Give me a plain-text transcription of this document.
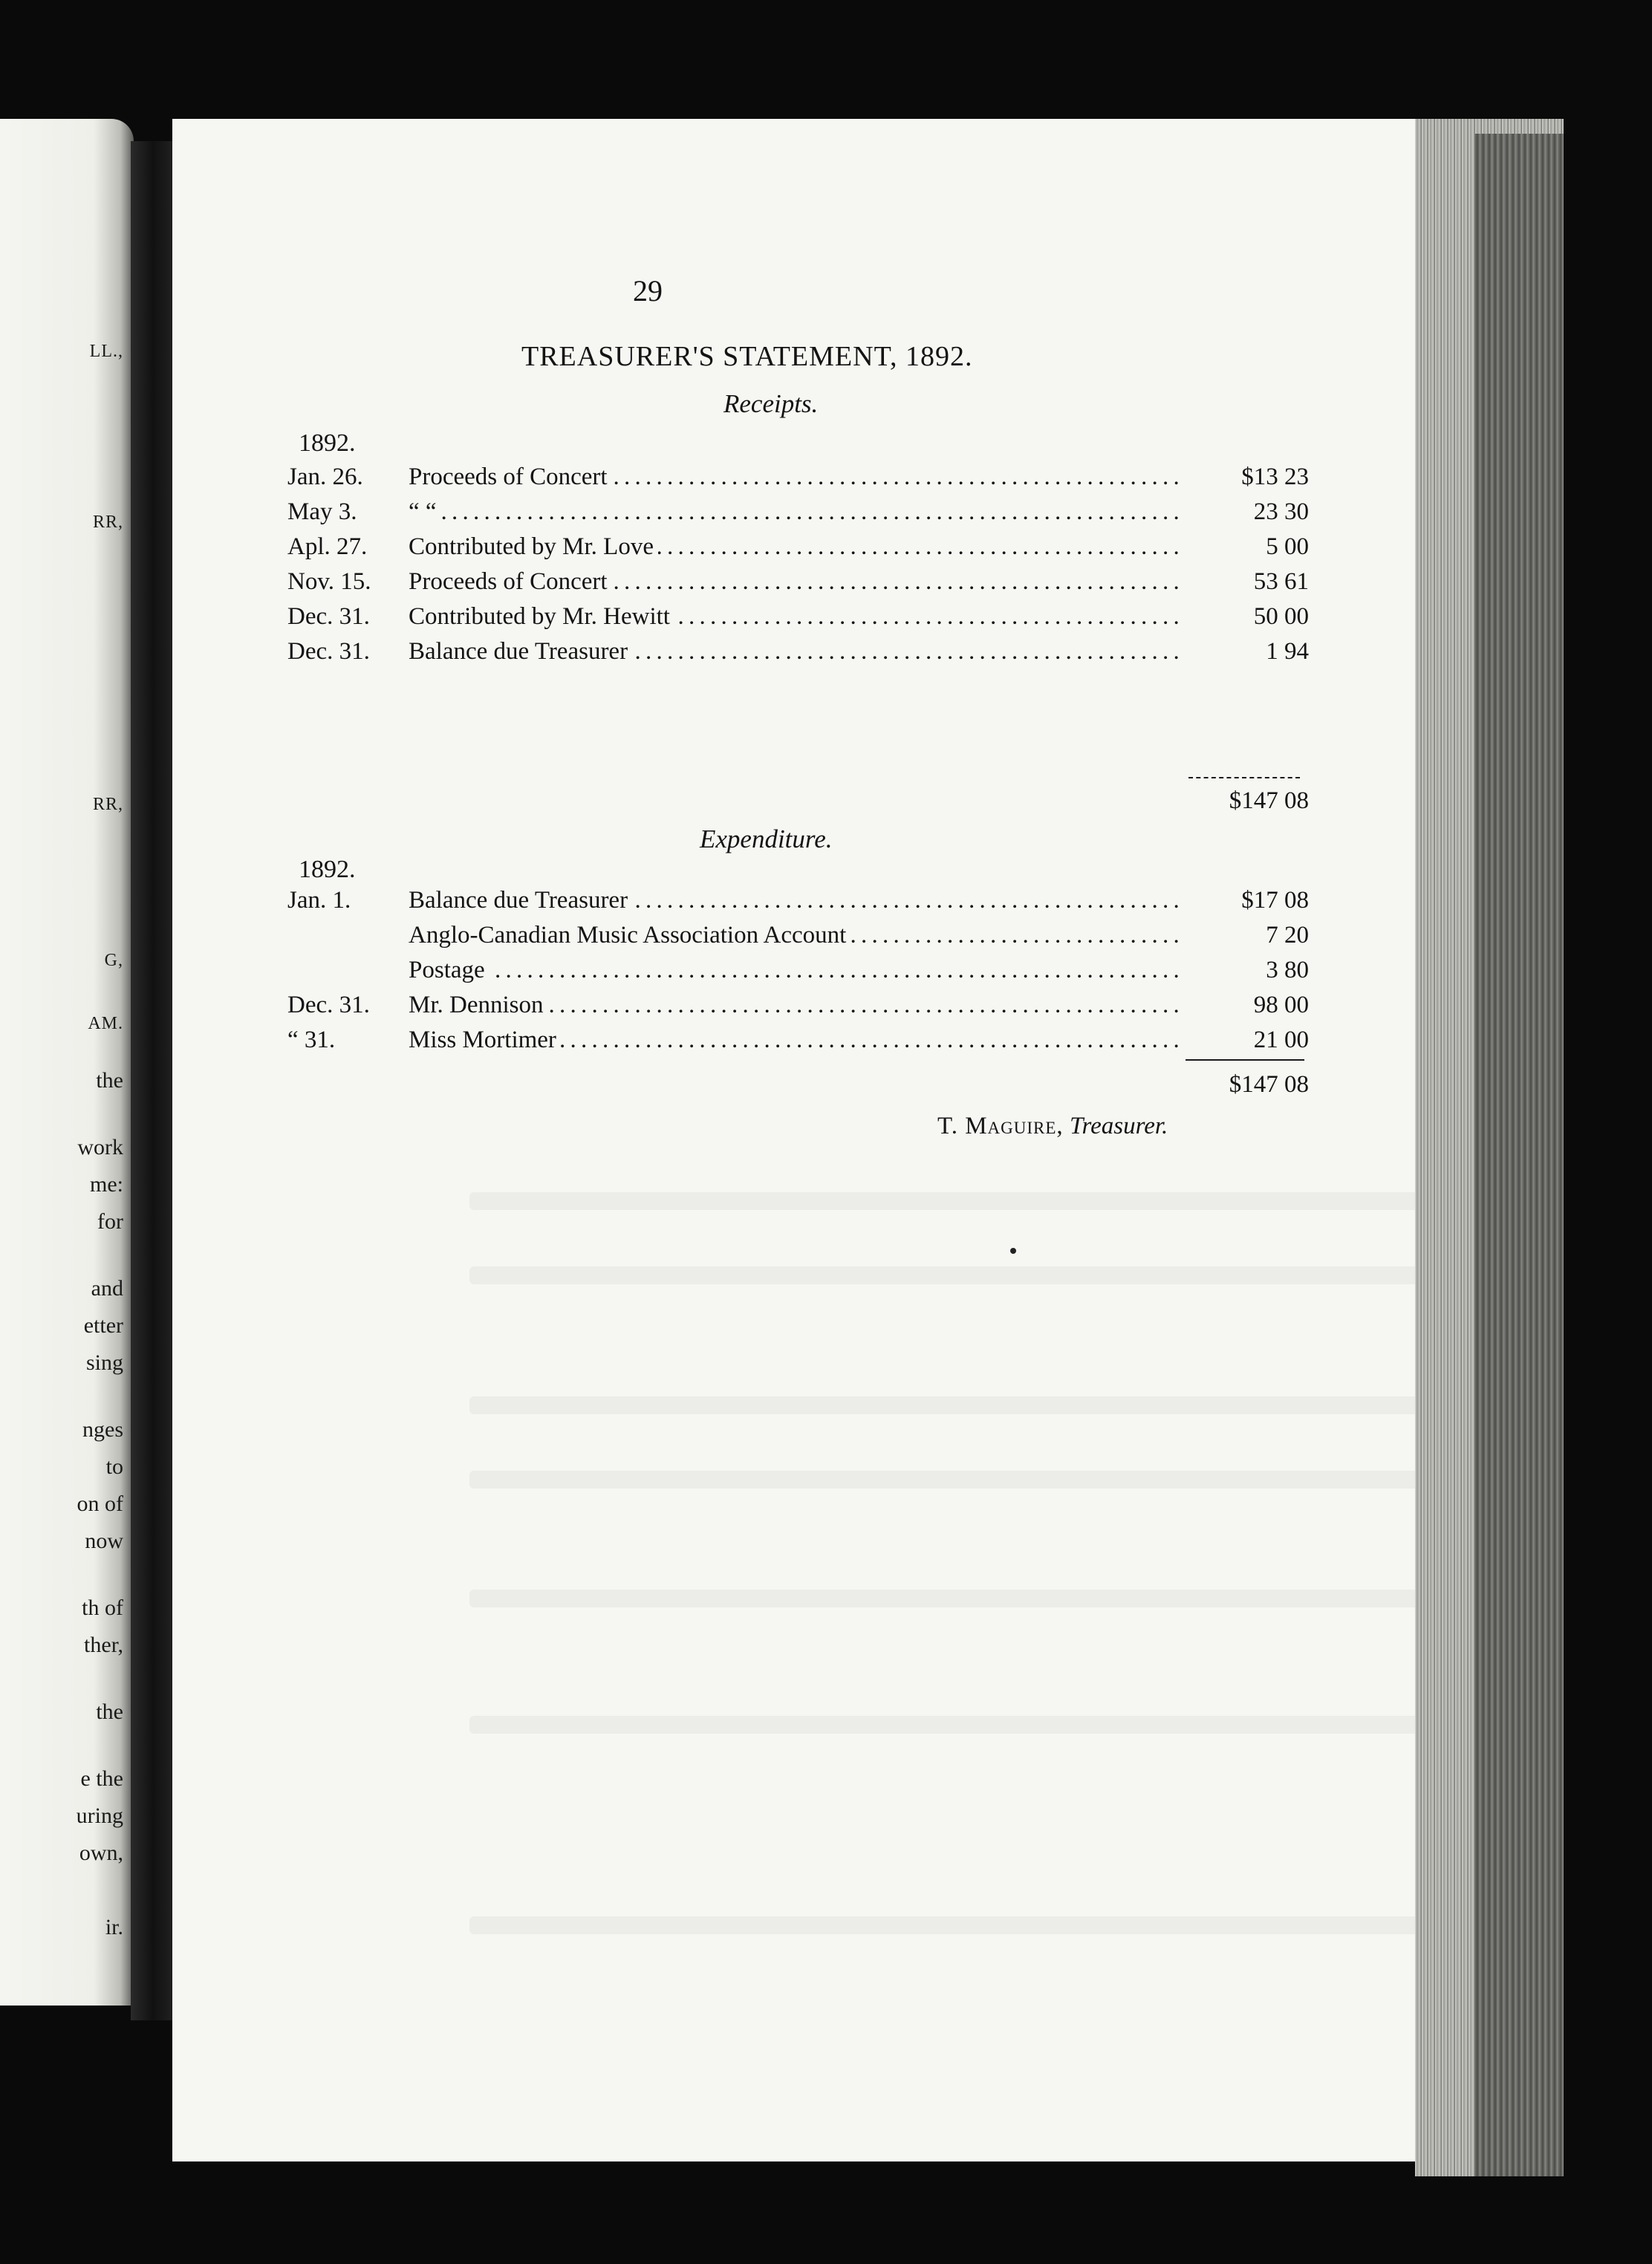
LL.,
RR,
RR,
G,
AM.
the
work
me:
for
and
etter
sing
nges
to
on of
now
th of
ther,
the
e the
uring
own,
ir.
29
TREASURER'S STATEMENT, 1892.
Receipts.
1892.
Jan. 26.	Proceeds of Concert . . .	$13 23
May 3.	“ “ . . .	23 30
Apl. 27.	Contributed by Mr. Love . . .	5 00
Nov. 15.	Proceeds of Concert . . .	53 61
Dec. 31.	Contributed by Mr. Hewitt . . .	50 00
Dec. 31.	Balance due Treasurer . . .	1 94
$147 08
Expenditure.
1892.
Jan. 1.	Balance due Treasurer . . .	$17 08
Anglo-Canadian Music Association Account . . .	7 20
Postage . . .	3 80
Dec. 31.	Mr. Dennison . . .	98 00
“ 31.	Miss Mortimer . . .	21 00
$147 08
T. Maguire, Treasurer.
